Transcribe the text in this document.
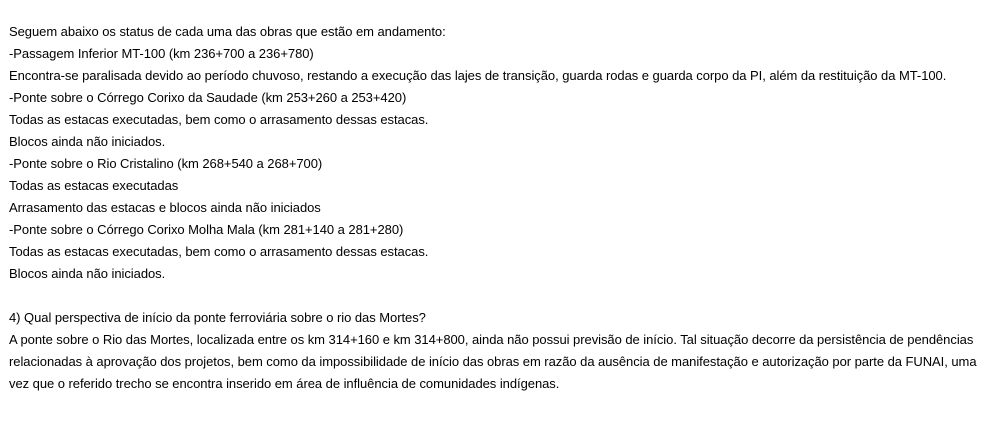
Seguem abaixo os status de cada uma das obras que estão em andamento:
-Passagem Inferior MT-100 (km 236+700 a 236+780)
Encontra-se paralisada devido ao período chuvoso, restando a execução das lajes de transição, guarda rodas e guarda corpo da PI, além da restituição da MT-100.
-Ponte sobre o Córrego Corixo da Saudade (km 253+260 a 253+420)
Todas as estacas executadas, bem como o arrasamento dessas estacas.
Blocos ainda não iniciados.
-Ponte sobre o Rio Cristalino (km 268+540 a 268+700)
Todas as estacas executadas
Arrasamento das estacas e blocos ainda não iniciados
-Ponte sobre o Córrego Corixo Molha Mala (km 281+140 a 281+280)
Todas as estacas executadas, bem como o arrasamento dessas estacas.
Blocos ainda não iniciados.
4) Qual perspectiva de início da ponte ferroviária sobre o rio das Mortes?
A ponte sobre o Rio das Mortes, localizada entre os km 314+160 e km 314+800, ainda não possui previsão de início. Tal situação decorre da persistência de pendências relacionadas à aprovação dos projetos, bem como da impossibilidade de início das obras em razão da ausência de manifestação e autorização por parte da FUNAI, uma vez que o referido trecho se encontra inserido em área de influência de comunidades indígenas.
